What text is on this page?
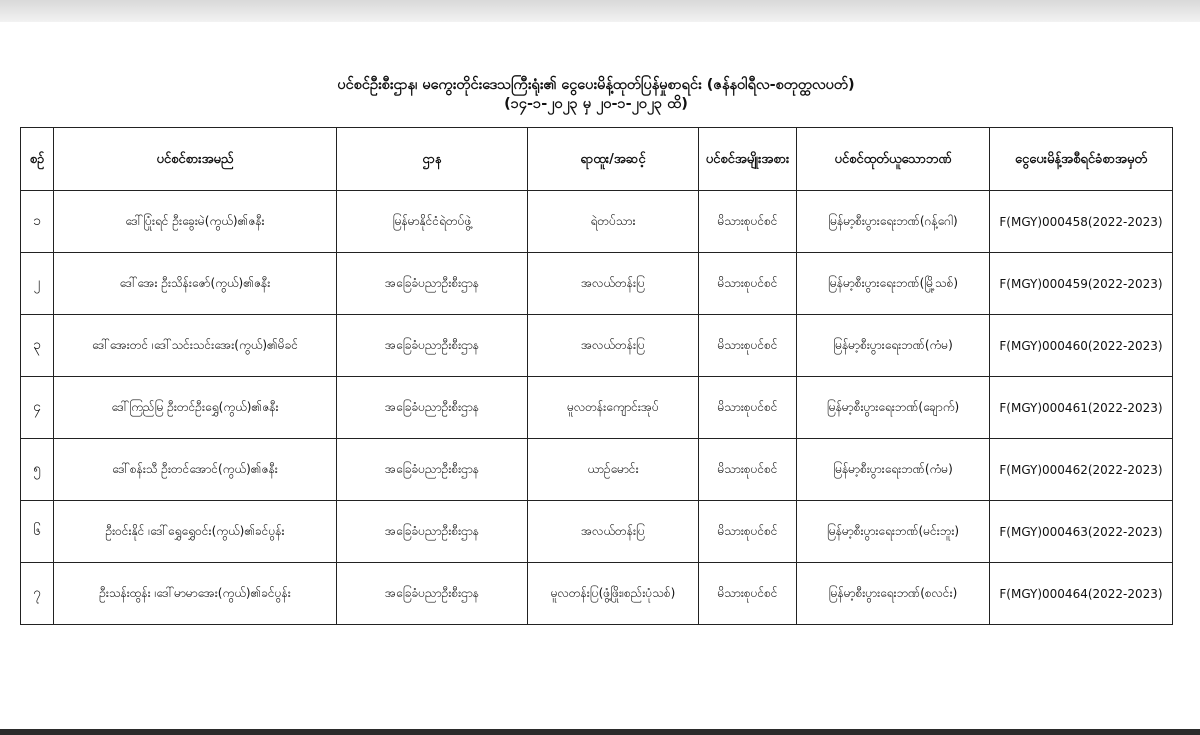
ပင်စင်ဦးစီးဌာန၊ မကွေးတိုင်းဒေသကြီးရုံး၏ ငွေပေးမိန့်ထုတ်ပြန်မှုစာရင်း (ဇန်နဝါရီလ-စတုတ္ထလပတ်)
(၁၄-၁-၂၀၂၃ မှ ၂၀-၁-၂၀၂၃ ထိ)
စဉ်	ပင်စင်စားအမည်	ဌာန	ရာထူး/အဆင့်	ပင်စင်အမျိုးအစား	ပင်စင်ထုတ်ယူသောဘဏ်	ငွေပေးမိန့်အစီရင်ခံစာအမှတ်
၁	ဒေါ်ပြုံးရင် ဦးခွေးမဲ(ကွယ်)၏ဇနီး	မြန်မာနိုင်ငံရဲတပ်ဖွဲ့	ရဲတပ်သား	မိသားစုပင်စင်	မြန်မာ့စီးပွားရေးဘဏ်(ဂန့်ဂေါ)	F(MGY)000458(2022-2023)
၂	ဒေါ်အေး ဦးသိန်းဇော်(ကွယ်)၏ဇနီး	အခြေခံပညာဦးစီးဌာန	အလယ်တန်းပြ	မိသားစုပင်စင်	မြန်မာ့စီးပွားရေးဘဏ်(မြို့သစ်)	F(MGY)000459(2022-2023)
၃	ဒေါ်အေးတင် ၊ဒေါ်သင်းသင်းအေး(ကွယ်)၏မိခင်	အခြေခံပညာဦးစီးဌာန	အလယ်တန်းပြ	မိသားစုပင်စင်	မြန်မာ့စီးပွားရေးဘဏ်(ကံမ)	F(MGY)000460(2022-2023)
၄	ဒေါ်ကြည်မြ ဦးတင်ဦးရွှေ(ကွယ်)၏ဇနီး	အခြေခံပညာဦးစီးဌာန	မူလတန်းကျောင်းအုပ်	မိသားစုပင်စင်	မြန်မာ့စီးပွားရေးဘဏ်(ချောက်)	F(MGY)000461(2022-2023)
၅	ဒေါ်စန်းသီ ဦးတင်အောင်(ကွယ်)၏ဇနီး	အခြေခံပညာဦးစီးဌာန	ယာဉ်မောင်း	မိသားစုပင်စင်	မြန်မာ့စီးပွားရေးဘဏ်(ကံမ)	F(MGY)000462(2022-2023)
၆	ဦးဝင်းနိုင် ၊ဒေါ်ရွှေရွှေဝင်း(ကွယ်)၏ခင်ပွန်း	အခြေခံပညာဦးစီးဌာန	အလယ်တန်းပြ	မိသားစုပင်စင်	မြန်မာ့စီးပွားရေးဘဏ်(မင်းဘူး)	F(MGY)000463(2022-2023)
၇	ဦးသန်းထွန်း ၊ဒေါ်မာမာအေး(ကွယ်)၏ခင်ပွန်း	အခြေခံပညာဦးစီးဌာန	မူလတန်းပြ(ဖွံ့ဖြိုး၊စည်းပုံသစ်)	မိသားစုပင်စင်	မြန်မာ့စီးပွားရေးဘဏ်(စလင်း)	F(MGY)000464(2022-2023)
